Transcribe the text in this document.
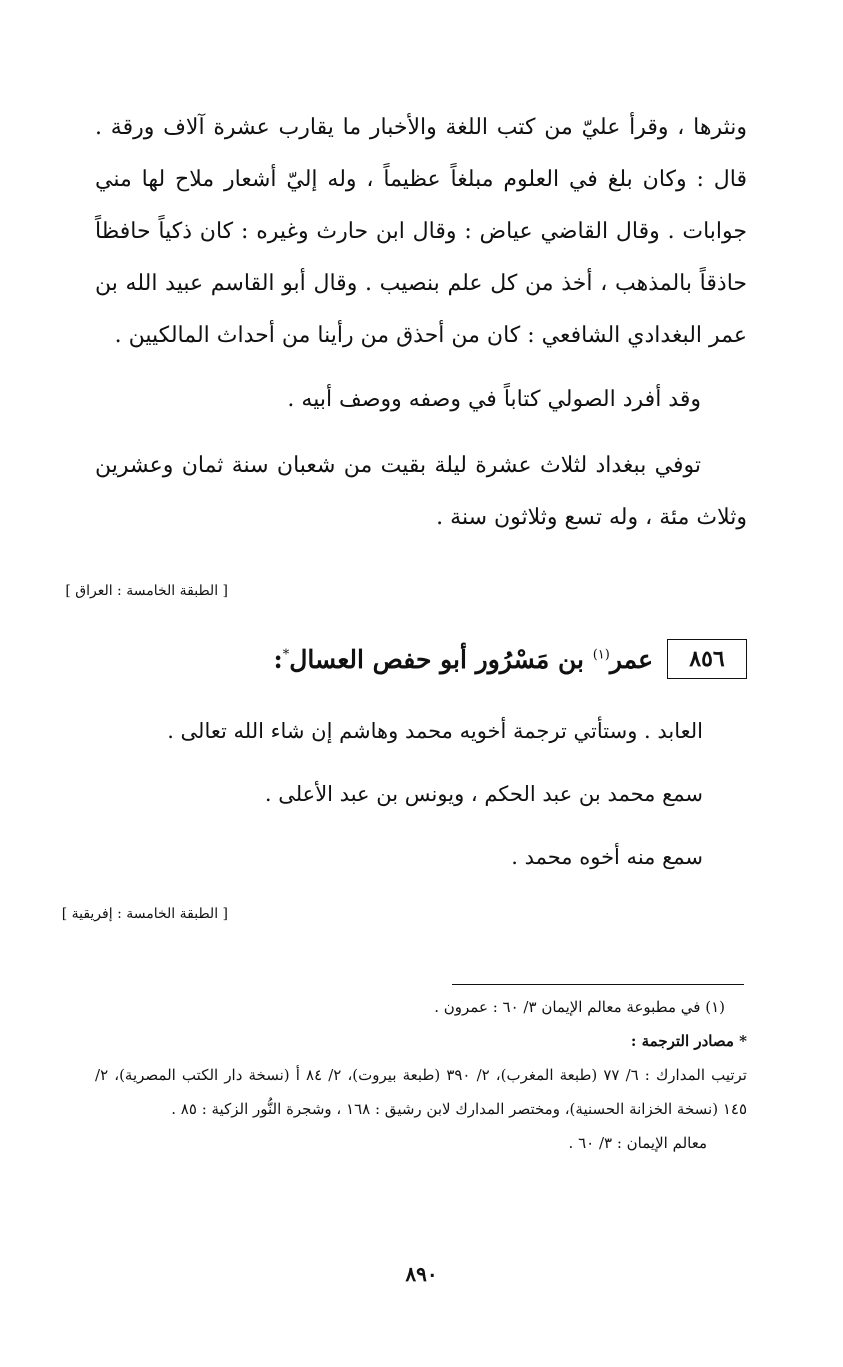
ونثرها ، وقرأ عليّ من كتب اللغة والأخبار ما يقارب عشرة آلاف ورقة . قال : وكان بلغ في العلوم مبلغاً عظيماً ، وله إليّ أشعار ملاح لها مني جوابات . وقال القاضي عياض : وقال ابن حارث وغيره : كان ذكياً حافظاً حاذقاً بالمذهب ، أخذ من كل علم بنصيب . وقال أبو القاسم عبيد الله بن عمر البغدادي الشافعي : كان من أحذق من رأينا من أحداث المالكيين .

وقد أفرد الصولي كتاباً في وصفه ووصف أبيه .

توفي ببغداد لثلاث عشرة ليلة بقيت من شعبان سنة ثمان وعشرين وثلاث مئة ، وله تسع وثلاثون سنة .

[ الطبقة الخامسة : العراق ]
٨٥٦
عمر$^{(١)}$ بن مَسْرُور أبو حفص العسال*:

العابد . وستأتي ترجمة أخويه محمد وهاشم إن شاء الله تعالى .

سمع محمد بن عبد الحكم ، ويونس بن عبد الأعلى .

سمع منه أخوه محمد .

[ الطبقة الخامسة : إفريقية ]

(١) في مطبوعة معالم الإيمان ٣/ ٦٠ : عمرون .

* مصادر الترجمة :

ترتيب المدارك : ٦/ ٧٧ (طبعة المغرب)، ٢/ ٣٩٠ (طبعة بيروت)، ٢/ ٨٤ أ (نسخة دار الكتب المصرية)، ٢/ ١٤٥ (نسخة الخزانة الحسنية)، ومختصر المدارك لابن رشيق : ١٦٨ ، وشجرة النُّور الزكية : ٨٥ .

معالم الإيمان : ٣/ ٦٠ .

٨٩٠
